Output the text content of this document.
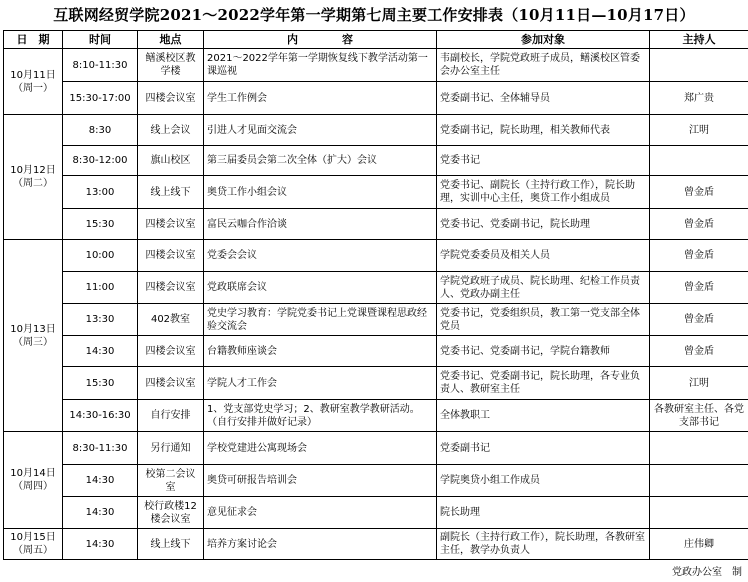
互联网经贸学院2021～2022学年第一学期第七周主要工作安排表（10月11日—10月17日）
日　期	时间	地点	内　　　　容	参加对象	主持人

10月11日
（周一）	8:10-11:30	鳝溪校区教学楼	2021～2022学年第一学期恢复线下教学活动第一课巡视	韦副校长，学院党政班子成员，鳝溪校区管委会办公室主任	
	15:30-17:00	四楼会议室	学生工作例会	党委副书记、全体辅导员	郑广贵

10月12日
（周二）	8:30	线上会议	引进人才见面交流会	党委副书记，院长助理，相关教师代表	江明
	8:30-12:00	旗山校区	第三届委员会第二次全体（扩大）会议	党委书记	
	13:00	线上线下	奥贷工作小组会议	党委书记、副院长（主持行政工作），院长助理，实训中心主任，奥贷工作小组成员	曾金盾
	15:30	四楼会议室	富民云咖合作洽谈	党委书记、党委副书记，院长助理	曾金盾

10月13日
（周三）	10:00	四楼会议室	党委会会议	学院党委委员及相关人员	曾金盾
	11:00	四楼会议室	党政联席会议	学院党政班子成员、院长助理、纪检工作员责人、党政办副主任	曾金盾
	13:30	402教室	党史学习教育：学院党委书记上党课暨课程思政经验交流会	党委书记，党委组织员，教工第一党支部全体党员	曾金盾
	14:30	四楼会议室	台籍教师座谈会	党委书记、党委副书记，学院台籍教师	曾金盾
	15:30	四楼会议室	学院人才工作会	党委书记、党委副书记，院长助理，各专业负责人、教研室主任	江明
	14:30-16:30	自行安排	1、党支部党史学习；2、教研室教学教研活动。（自行安排并做好记录）	全体教职工	各教研室主任、各党支部书记

10月14日
（周四）	8:30-11:30	另行通知	学校党建进公寓现场会	党委副书记	
	14:30	校第二会议室	奥贷可研报告培训会	学院奥贷小组工作成员	
	14:30	校行政楼12楼会议室	意见征求会	院长助理	

10月15日
（周五）	14:30	线上线下	培养方案讨论会	副院长（主持行政工作），院长助理，各教研室主任，教学办负责人	庄伟卿
党政办公室　制
